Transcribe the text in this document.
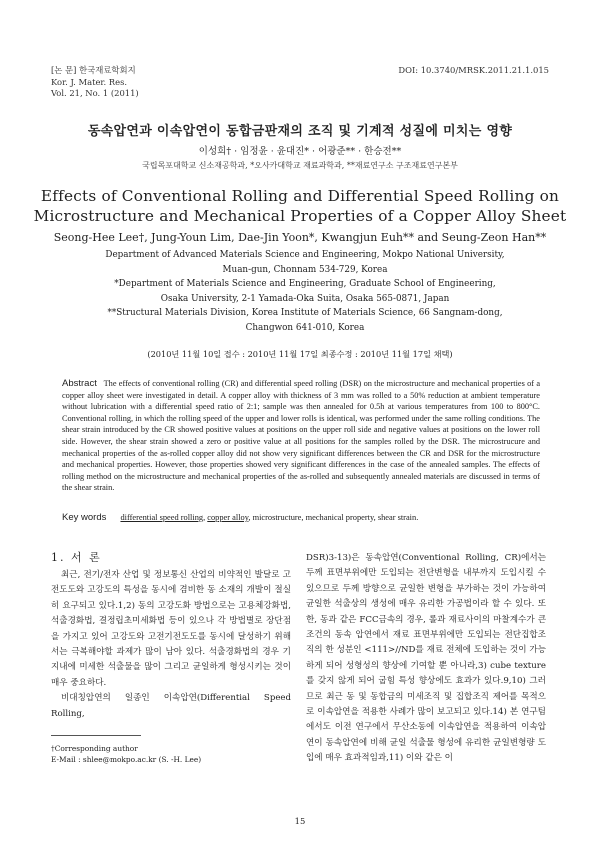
[논 문] 한국재료학회지
Kor. J. Mater. Res.
Vol. 21, No. 1 (2011)
DOI: 10.3740/MRSK.2011.21.1.015
동속압연과 이속압연이 동합금판재의 조직 및 기계적 성질에 미치는 영향
이성희† · 임정윤 · 윤대진* · 어광준** · 한승전**
국립목포대학교 신소재공학과, *오사카대학교 재료과학과, **재료연구소 구조재료연구본부
Effects of Conventional Rolling and Differential Speed Rolling on
Microstructure and Mechanical Properties of a Copper Alloy Sheet
Seong-Hee Lee†, Jung-Youn Lim, Dae-Jin Yoon*, Kwangjun Euh** and Seung-Zeon Han**
Department of Advanced Materials Science and Engineering, Mokpo National University,
Muan-gun, Chonnam 534-729, Korea
*Department of Materials Science and Engineering, Graduate School of Engineering,
Osaka University, 2-1 Yamada-Oka Suita, Osaka 565-0871, Japan
**Structural Materials Division, Korea Institute of Materials Science, 66 Sangnam-dong,
Changwon 641-010, Korea
(2010년 11월 10일 접수 : 2010년 11월 17일 최종수정 : 2010년 11월 17일 채택)
Abstract The effects of conventional rolling (CR) and differential speed rolling (DSR) on the microstructure and mechanical properties of a copper alloy sheet were investigated in detail. A copper alloy with thickness of 3 mm was rolled to a 50% reduction at ambient temperature without lubrication with a differential speed ratio of 2:1; sample was then annealed for 0.5h at various temperatures from 100 to 800°C. Conventional rolling, in which the rolling speed of the upper and lower rolls is identical, was performed under the same rolling conditions. The shear strain introduced by the CR showed positive values at positions on the upper roll side and negative values at positions on the lower roll side. However, the shear strain showed a zero or positive value at all positions for the samples rolled by the DSR. The microstrucure and mechanical properties of the as-rolled copper alloy did not show very significant differences between the CR and DSR for the microstructure and mechanical properties. However, those properties showed very significant differences in the case of the annealed samples. The effects of rolling method on the microstructure and mechanical properties of the as-rolled and subsequently annealed materials are discussed in terms of the shear strain.
Key words differential speed rolling, copper alloy, microstructure, mechanical property, shear strain.
1. 서 론

최근, 전기/전자 산업 및 정보통신 산업의 비약적인 발달로 고전도도와 고강도의 특성을 동시에 겸비한 동 소재의 개발이 절실히 요구되고 있다.1,2) 동의 고강도화 방법으로는 고용체강화법, 석출경화법, 결정립초미세화법 등이 있으나 각 방법별로 장단점을 가지고 있어 고강도와 고전기전도도를 동시에 달성하기 위해서는 극복해야할 과제가 많이 남아 있다. 석출경화법의 경우 기지내에 미세한 석출물을 많이 그리고 균일하게 형성시키는 것이 매우 중요하다.

비대칭압연의 일종인 이속압연(Differential Speed Rolling,

DSR)3-13)은 동속압연(Conventional Rolling, CR)에서는 두께 표면부위에만 도입되는 전단변형을 내부까지 도입시킬 수 있으므로 두께 방향으로 균일한 변형을 부가하는 것이 가능하여 균일한 석출상의 생성에 매우 유리한 가공법이라 할 수 있다. 또한, 동과 같은 FCC금속의 경우, 롤과 재료사이의 마찰계수가 큰 조건의 동속 압연에서 재료 표면부위에만 도입되는 전단집합조직의 한 성분인 <111>//ND를 재료 전체에 도입하는 것이 가능하게 되어 성형성의 향상에 기여할 뿐 아니라,3) cube texture를 갖지 않게 되어 굽힘 특성 향상에도 효과가 있다.9,10) 그러므로 최근 동 및 동합금의 미세조직 및 집합조직 제어를 목적으로 이속압연을 적용한 사례가 많이 보고되고 있다.14) 본 연구팀에서도 이전 연구에서 무산소동에 이속압연을 적용하여 이속압연이 동속압연에 비해 균일 석출물 형성에 유리한 균일변형량 도입에 매우 효과적임과,11) 이와 같은 이

†Corresponding author
E-Mail : shlee@mokpo.ac.kr (S. -H. Lee)
15
